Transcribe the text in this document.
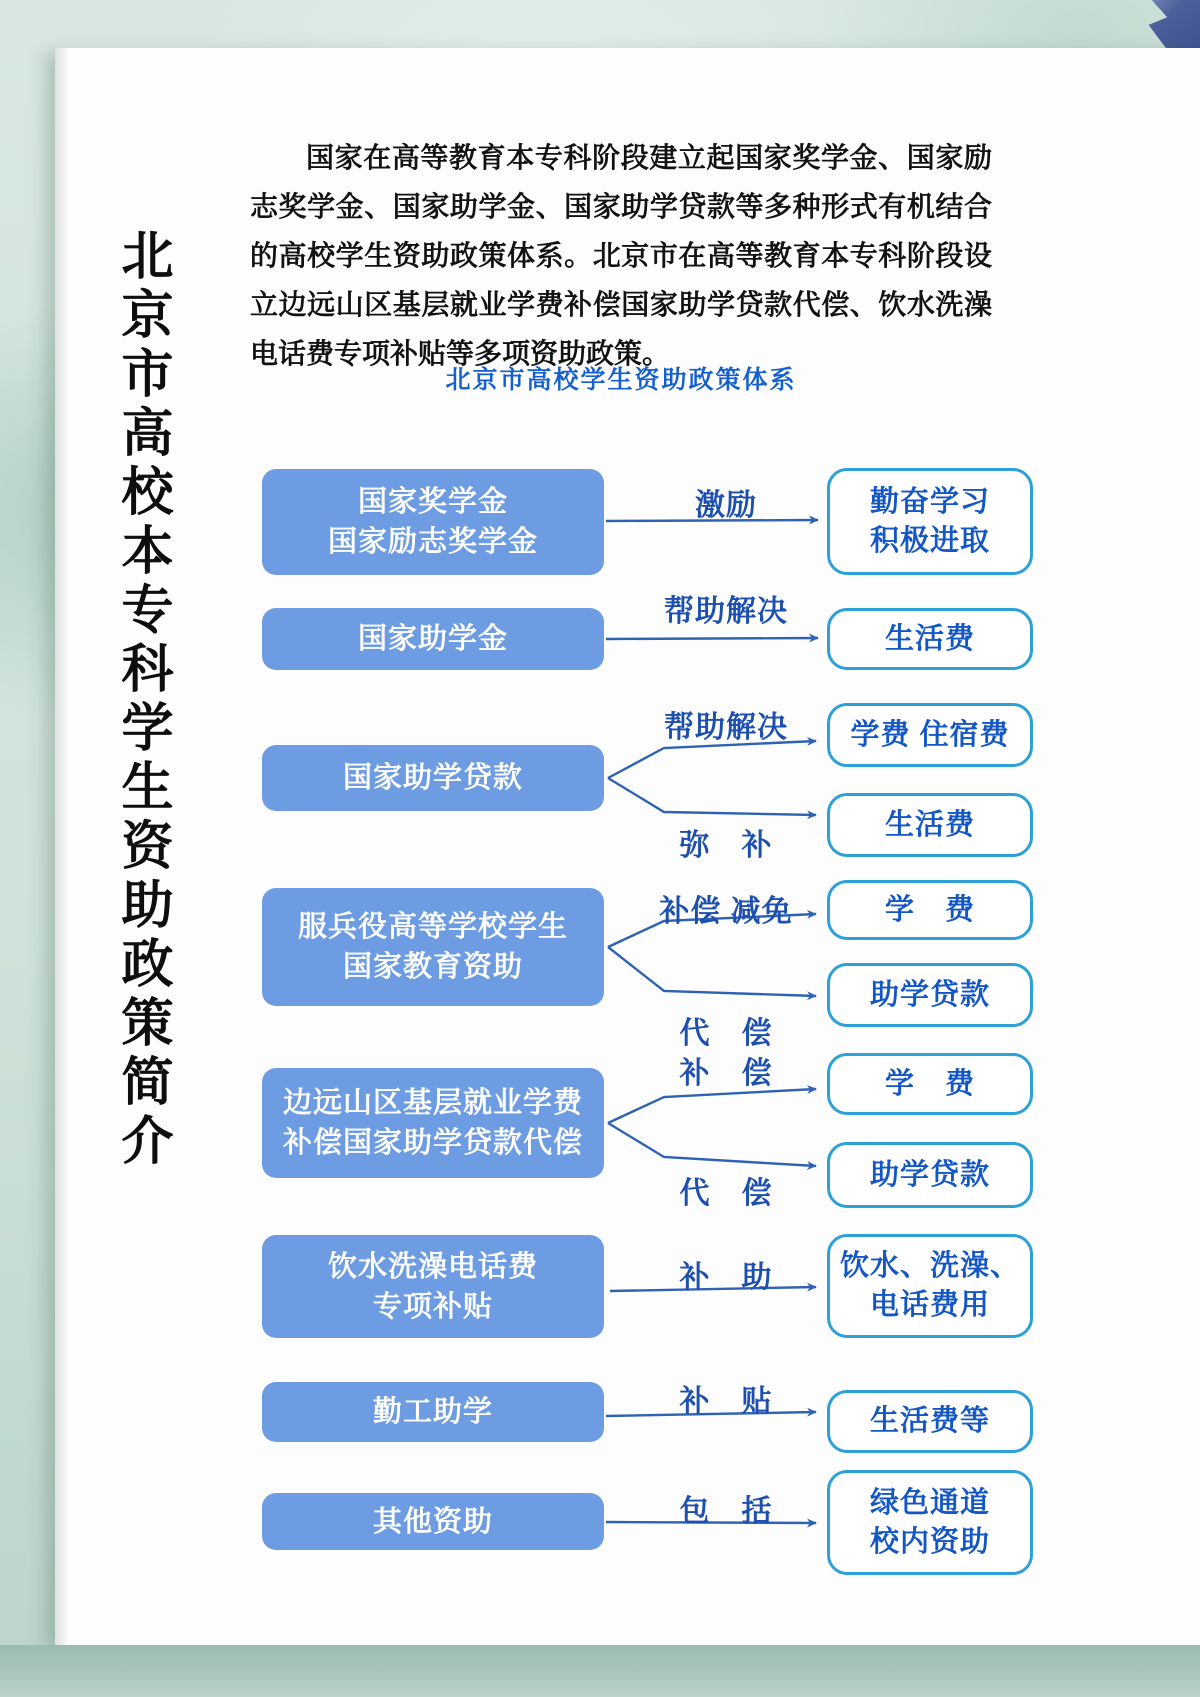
北京市高校本专科学生资助政策简介

国家在高等教育本专科阶段建立起国家奖学金、国家励志奖学金、国家助学金、国家助学贷款等多种形式有机结合的高校学生资助政策体系。北京市在高等教育本专科阶段设立边远山区基层就业学费补偿国家助学贷款代偿、饮水洗澡电话费专项补贴等多项资助政策。

北京市高校学生资助政策体系
国家奖学金
国家励志奖学金
国家助学金
国家助学贷款
服兵役高等学校学生
国家教育资助
边远山区基层就业学费
补偿国家助学贷款代偿
饮水洗澡电话费
专项补贴
勤工助学
其他资助
激励
帮助解决
帮助解决
弥　补
补偿 减免
代　偿
补　偿
代　偿
补　助
补　贴
包　括
勤奋学习
积极进取
生活费
学费 住宿费
生活费
学　费
助学贷款
学　费
助学贷款
饮水、洗澡、
电话费用
生活费等
绿色通道
校内资助
